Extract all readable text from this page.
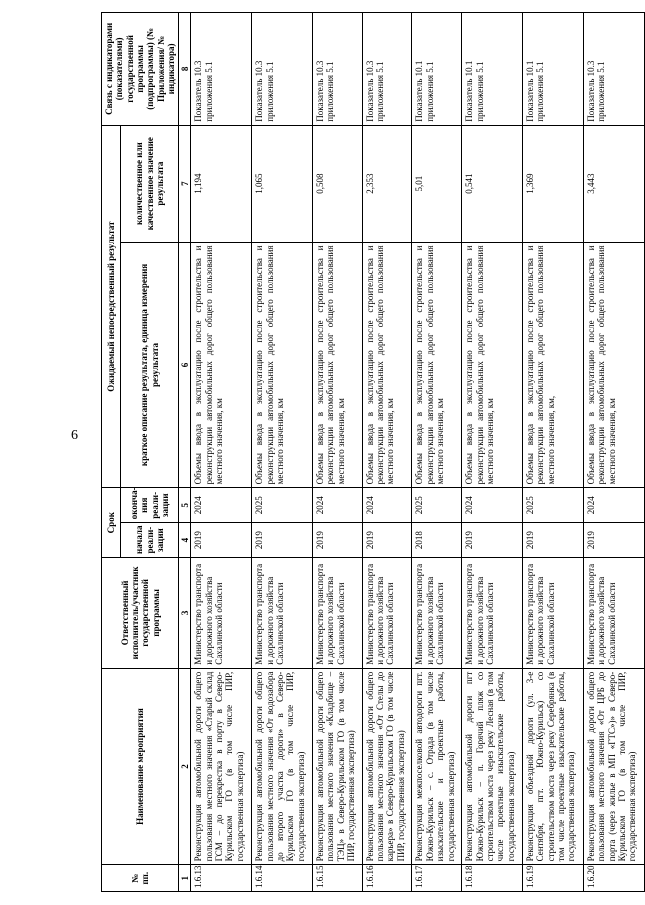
6
№ пп.	Наименование мероприятия	Ответственный исполнитель/участник государственной программы	Срок		Ожидаемый непосредственный результат		Связь с индикаторами (показателями) государственной программы (подпрограммы) (№ Приложения/ № индикатора)
			начала реали-зации	оконча-ния реали-зации	краткое описание результата, единица измерения результата	количественное или качественное значение результата	
1	2	3	4	5	6	7	8
1.6.13.	Реконструкция автомобильной дороги общего пользования местного значения «Старый склад ГСМ – до перекрестка в порту в Северо-Курильском ГО (в том числе ПИР, государственная экспертиза)	Министерство транспорта и дорожного хозяйства Сахалинской области	2019	2024	Объемы ввода в эксплуатацию после строительства и реконструкции автомобильных дорог общего пользования местного значения, км	1,194	Показатель 10.3 приложения 5.1
1.6.14.	Реконструкция автомобильной дороги общего пользования местного значения «От водозабора до второго участка дороги» в Северо-Курильском ГО (в том числе ПИР, государственная экспертиза)	Министерство транспорта и дорожного хозяйства Сахалинской области	2019	2025	Объемы ввода в эксплуатацию после строительства и реконструкции автомобильных дорог общего пользования местного значения, км	1,065	Показатель 10.3 приложения 5.1
1.6.15.	Реконструкция автомобильной дороги общего пользования местного значения «Кладбище – ТЭЦ» в Северо-Курильском ГО (в том числе ПИР, государственная экспертиза)	Министерство транспорта и дорожного хозяйства Сахалинской области	2019	2024	Объемы ввода в эксплуатацию после строительства и реконструкции автомобильных дорог общего пользования местного значения, км	0,508	Показатель 10.3 приложения 5.1
1.6.16.	Реконструкция автомобильной дороги общего пользования местного значения «От Стелы до карьера» в Северо-Курильском ГО (в том числе ПИР, государственная экспертиза)	Министерство транспорта и дорожного хозяйства Сахалинской области	2019	2024	Объемы ввода в эксплуатацию после строительства и реконструкции автомобильных дорог общего пользования местного значения, км	2,353	Показатель 10.3 приложения 5.1
1.6.17.	Реконструкция межпоселковой автодороги пгт. Южно-Курильск – с. Отрада (в том числе изыскательские и проектные работы, государственная экспертиза)	Министерство транспорта и дорожного хозяйства Сахалинской области	2018	2025	Объемы ввода в эксплуатацию после строительства и реконструкции автомобильных дорог общего пользования местного значения, км	5,01	Показатель 10.1 приложения 5.1
1.6.18.	Реконструкция автомобильной дороги пгт Южно-Курильск – п. Горячий пляж со строительством моста через реку Лесная (в том числе проектные изыскательские работы, государственная экспертиза)	Министерство транспорта и дорожного хозяйства Сахалинской области	2019	2024	Объемы ввода в эксплуатацию после строительства и реконструкции автомобильных дорог общего пользования местного значения, км	0,541	Показатель 10.1 приложения 5.1
1.6.19.	Реконструкция объездной дороги (ул. 3-е Сентября, пгт. Южно-Курильск) со строительством моста через реку Серебрянка (в том числе проектные изыскательские работы, государственная экспертиза)	Министерство транспорта и дорожного хозяйства Сахалинской области	2019	2025	Объемы ввода в эксплуатацию после строительства и реконструкции автомобильных дорог общего пользования местного значения, км,	1,369	Показатель 10.1 приложения 5.1
1.6.20.	Реконструкция автомобильной дороги общего пользования местного значения «От ЦРБ до порта (через жилье в МП «ГТС»)» в Северо-Курильском ГО (в том числе ПИР, государственная экспертиза)	Министерство транспорта и дорожного хозяйства Сахалинской области	2019	2024	Объемы ввода в эксплуатацию после строительства и реконструкции автомобильных дорог общего пользования местного значения, км	3,443	Показатель 10.3 приложения 5.1
